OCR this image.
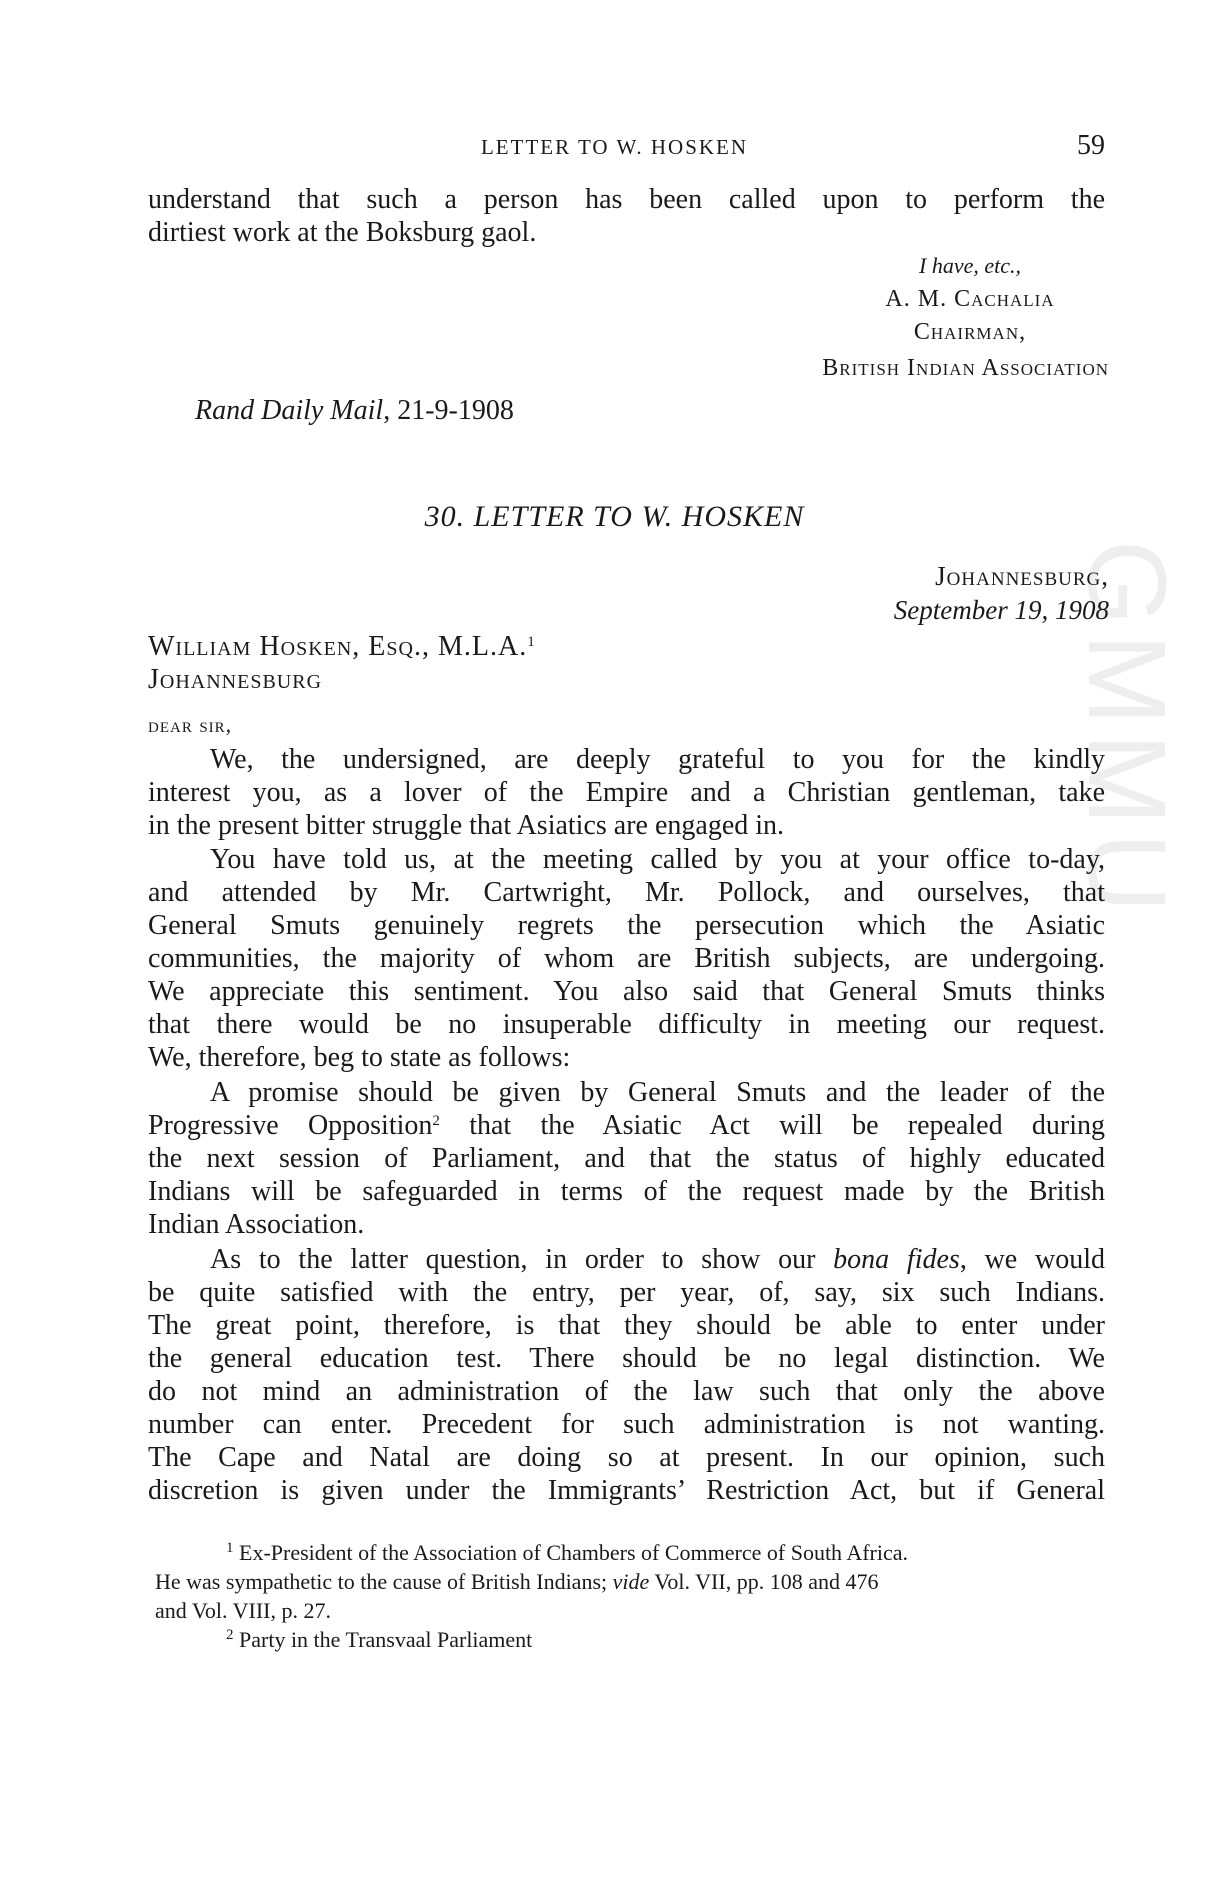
GMMU
LETTER TO W. HOSKEN	59
understand that such a person has been called upon to perform the
dirtiest work at the Boksburg gaol.
I have, etc.,
A. M. Cachalia
Chairman,
British Indian Association
Rand Daily Mail, 21-9-1908
30. LETTER TO W. HOSKEN
Johannesburg,
September 19, 1908
William Hosken, Esq., M.L.A.$^1$
Johannesburg
dear sir,
We, the undersigned, are deeply grateful to you for the kindly
interest you, as a lover of the Empire and a Christian gentleman, take
in the present bitter struggle that Asiatics are engaged in.
You have told us, at the meeting called by you at your office to-day,
and attended by Mr. Cartwright, Mr. Pollock, and ourselves, that
General Smuts genuinely regrets the persecution which the Asiatic
communities, the majority of whom are British subjects, are undergoing.
We appreciate this sentiment. You also said that General Smuts thinks
that there would be no insuperable difficulty in meeting our request.
We, therefore, beg to state as follows:
A promise should be given by General Smuts and the leader of the
Progressive Opposition$^2$ that the Asiatic Act will be repealed during
the next session of Parliament, and that the status of highly educated
Indians will be safeguarded in terms of the request made by the British
Indian Association.
As to the latter question, in order to show our bona fides, we would
be quite satisfied with the entry, per year, of, say, six such Indians.
The great point, therefore, is that they should be able to enter under
the general education test. There should be no legal distinction. We
do not mind an administration of the law such that only the above
number can enter. Precedent for such administration is not wanting.
The Cape and Natal are doing so at present. In our opinion, such
discretion is given under the Immigrants’ Restriction Act, but if General
$^1$ Ex-President of the Association of Chambers of Commerce of South Africa.
He was sympathetic to the cause of British Indians; vide Vol. VII, pp. 108 and 476
and Vol. VIII, p. 27.
$^2$ Party in the Transvaal Parliament
